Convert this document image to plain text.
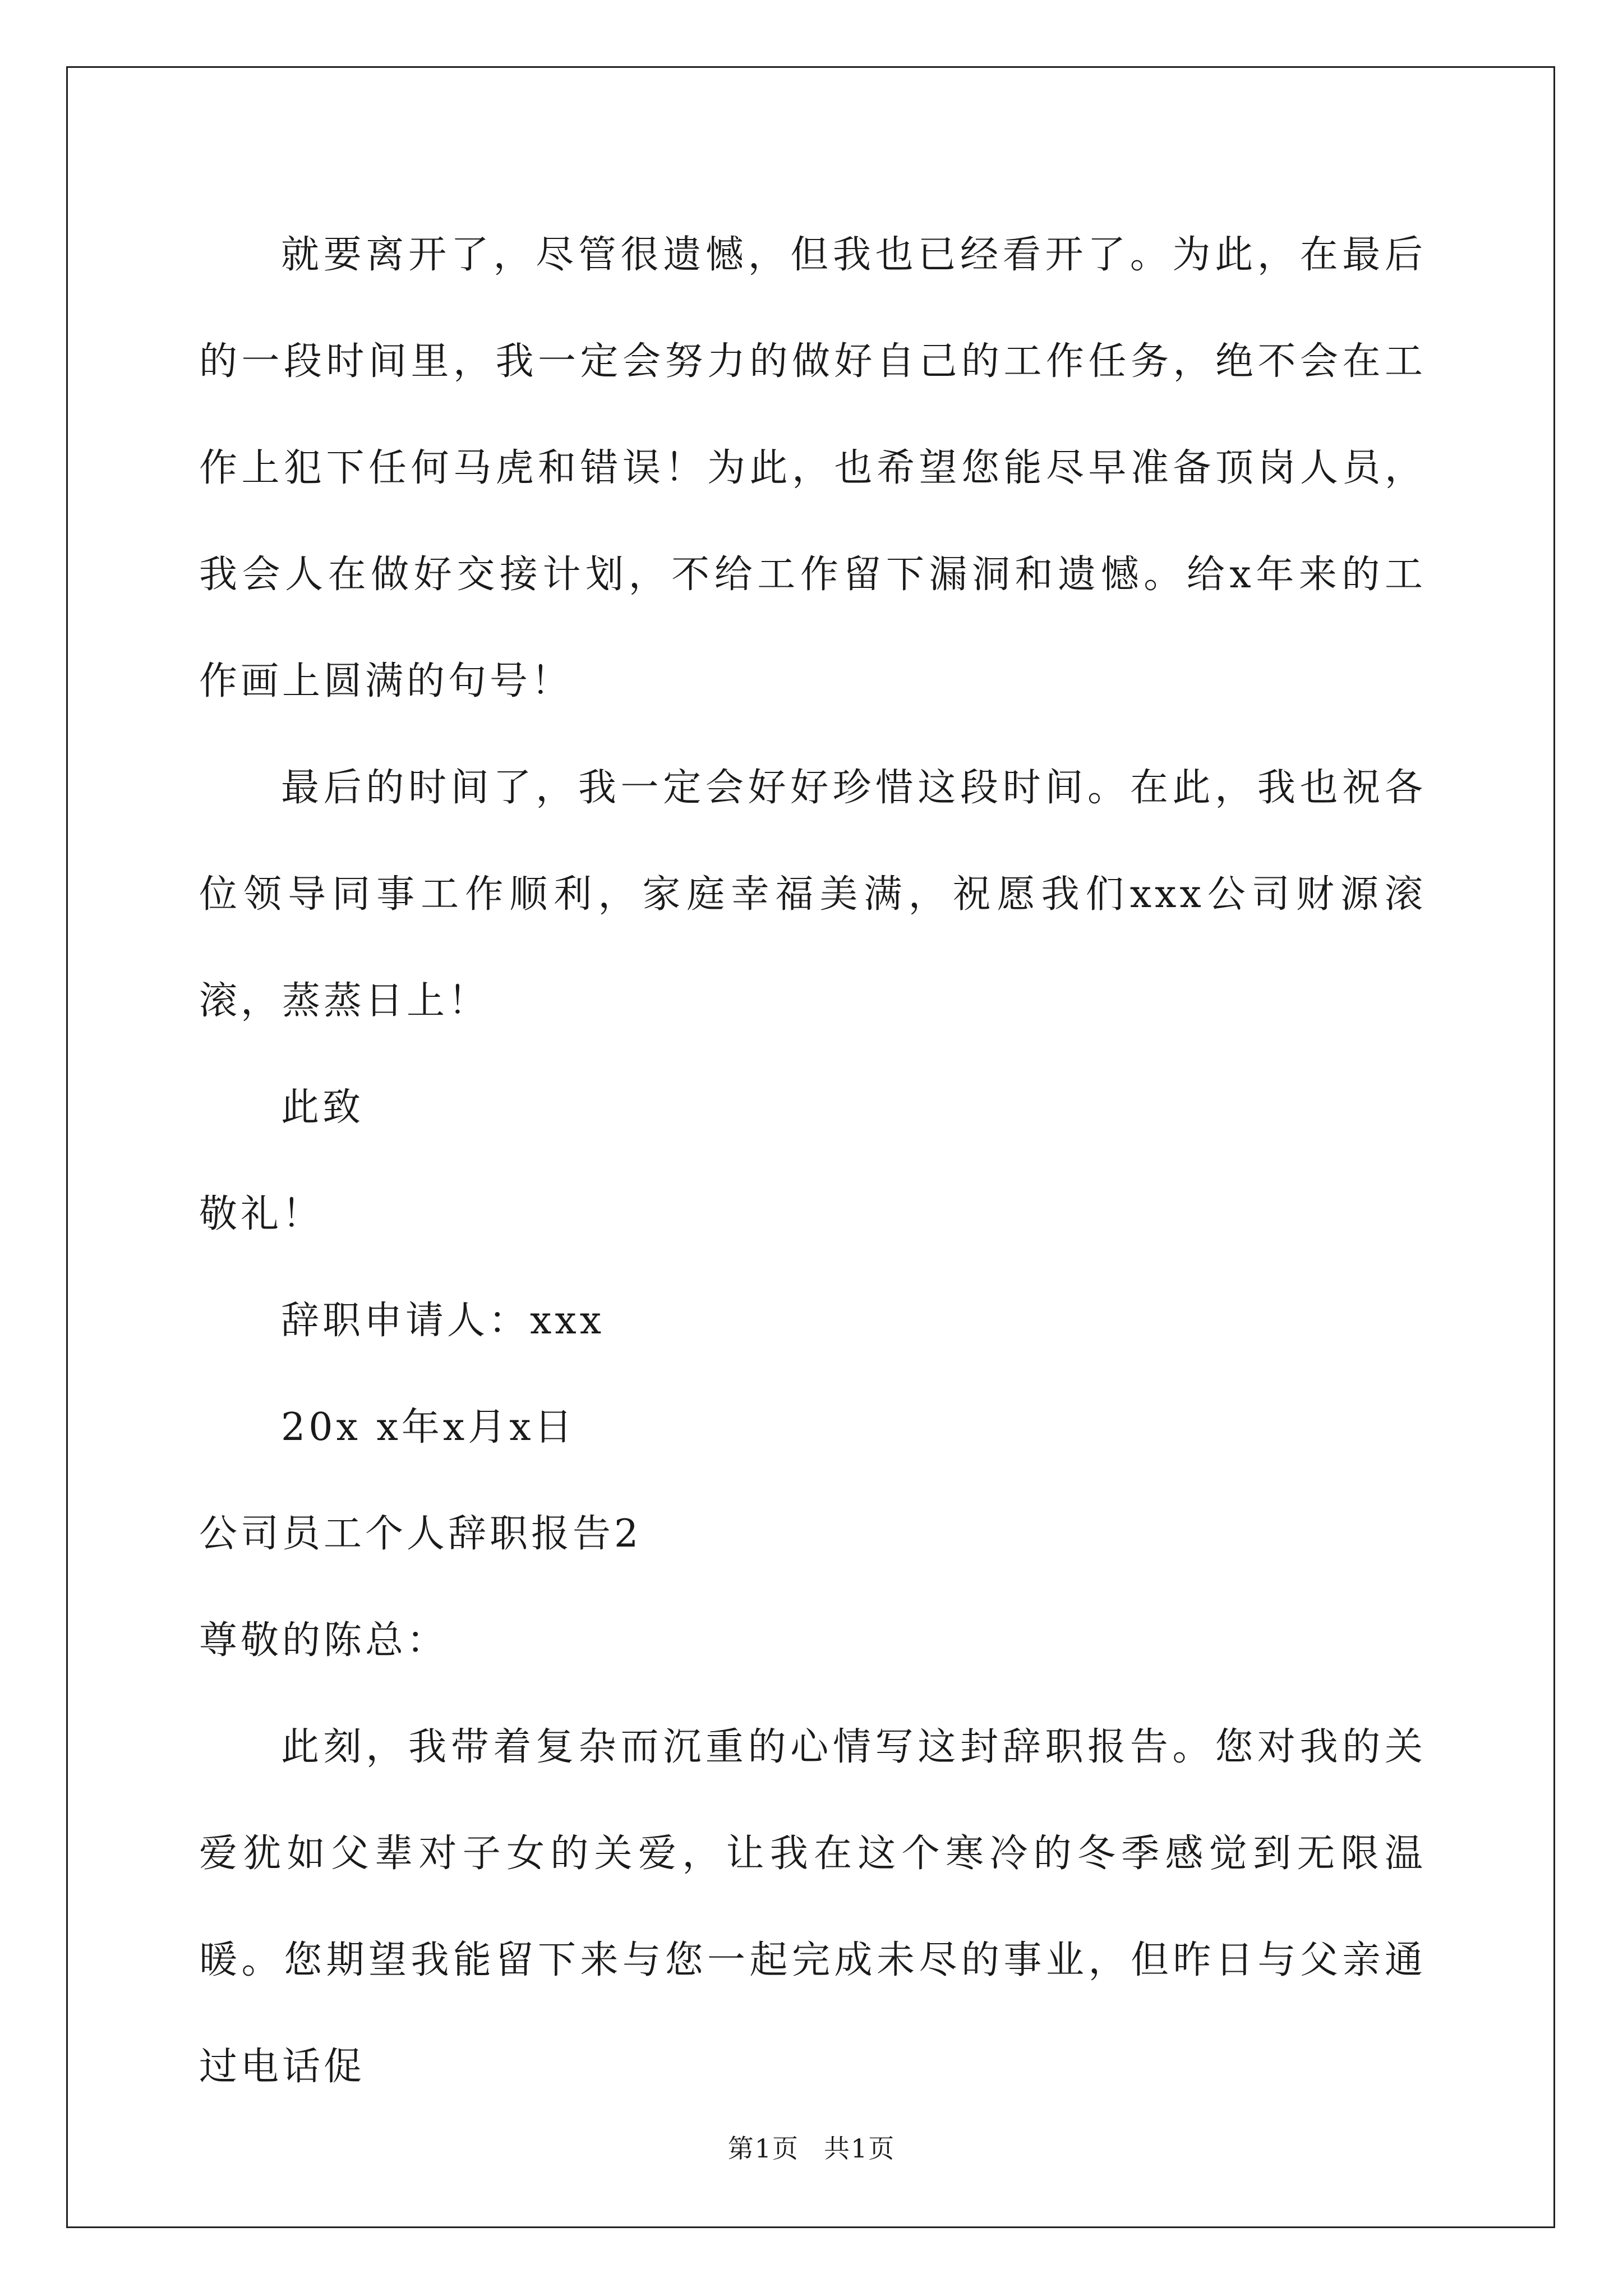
就要离开了，尽管很遗憾，但我也已经看开了。为此，在最后的一段时间里，我一定会努力的做好自己的工作任务，绝不会在工作上犯下任何马虎和错误！为此，也希望您能尽早准备顶岗人员，我会人在做好交接计划，不给工作留下漏洞和遗憾。给x年来的工作画上圆满的句号！

最后的时间了，我一定会好好珍惜这段时间。在此，我也祝各位领导同事工作顺利，家庭幸福美满，祝愿我们xxx公司财源滚滚，蒸蒸日上！

此致

敬礼！

辞职申请人：xxx

20x x年x月x日

公司员工个人辞职报告2

尊敬的陈总：

此刻，我带着复杂而沉重的心情写这封辞职报告。您对我的关爱犹如父辈对子女的关爱，让我在这个寒冷的冬季感觉到无限温暖。您期望我能留下来与您一起完成未尽的事业，但昨日与父亲通过电话促

第1页 共1页
